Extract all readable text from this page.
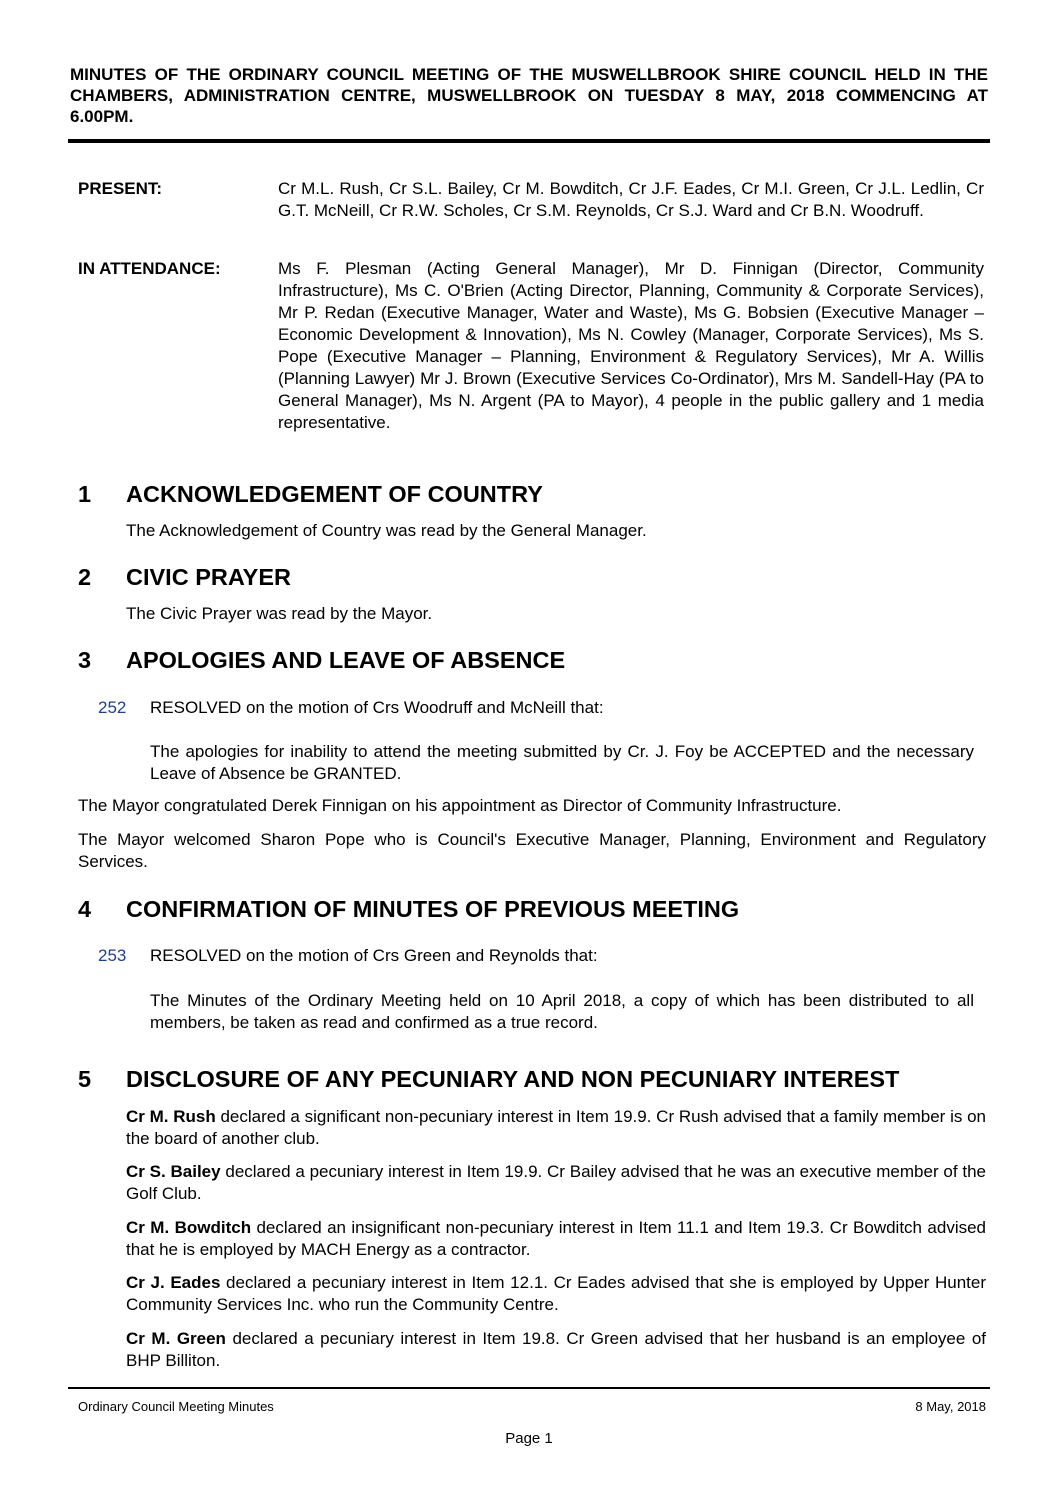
MINUTES OF THE ORDINARY COUNCIL MEETING OF THE MUSWELLBROOK SHIRE COUNCIL HELD IN THE CHAMBERS, ADMINISTRATION CENTRE, MUSWELLBROOK ON TUESDAY 8 MAY, 2018 COMMENCING AT 6.00PM.
PRESENT:	Cr M.L. Rush, Cr S.L. Bailey, Cr M. Bowditch, Cr J.F. Eades, Cr M.I. Green, Cr J.L. Ledlin, Cr G.T. McNeill, Cr R.W. Scholes, Cr S.M. Reynolds, Cr S.J. Ward and Cr B.N. Woodruff.
IN ATTENDANCE:	Ms F. Plesman (Acting General Manager), Mr D. Finnigan (Director, Community Infrastructure), Ms C. O'Brien (Acting Director, Planning, Community & Corporate Services), Mr P. Redan (Executive Manager, Water and Waste), Ms G. Bobsien (Executive Manager – Economic Development & Innovation), Ms N. Cowley (Manager, Corporate Services), Ms S. Pope (Executive Manager – Planning, Environment & Regulatory Services), Mr A. Willis (Planning Lawyer) Mr J. Brown (Executive Services Co-Ordinator), Mrs M. Sandell-Hay (PA to General Manager), Ms N. Argent (PA to Mayor), 4 people in the public gallery and 1 media representative.
1 ACKNOWLEDGEMENT OF COUNTRY
The Acknowledgement of Country was read by the General Manager.
2 CIVIC PRAYER
The Civic Prayer was read by the Mayor.
3 APOLOGIES AND LEAVE OF ABSENCE
252 RESOLVED on the motion of Crs Woodruff and McNeill that:
The apologies for inability to attend the meeting submitted by Cr. J. Foy be ACCEPTED and the necessary Leave of Absence be GRANTED.
The Mayor congratulated Derek Finnigan on his appointment as Director of Community Infrastructure.
The Mayor welcomed Sharon Pope who is Council's Executive Manager, Planning, Environment and Regulatory Services.
4 CONFIRMATION OF MINUTES OF PREVIOUS MEETING
253 RESOLVED on the motion of Crs Green and Reynolds that:
The Minutes of the Ordinary Meeting held on 10 April 2018, a copy of which has been distributed to all members, be taken as read and confirmed as a true record.
5 DISCLOSURE OF ANY PECUNIARY AND NON PECUNIARY INTEREST
Cr M. Rush declared a significant non-pecuniary interest in Item 19.9. Cr Rush advised that a family member is on the board of another club.
Cr S. Bailey declared a pecuniary interest in Item 19.9. Cr Bailey advised that he was an executive member of the Golf Club.
Cr M. Bowditch declared an insignificant non-pecuniary interest in Item 11.1 and Item 19.3. Cr Bowditch advised that he is employed by MACH Energy as a contractor.
Cr J. Eades declared a pecuniary interest in Item 12.1. Cr Eades advised that she is employed by Upper Hunter Community Services Inc. who run the Community Centre.
Cr M. Green declared a pecuniary interest in Item 19.8. Cr Green advised that her husband is an employee of BHP Billiton.
Ordinary Council Meeting Minutes	8 May, 2018
Page 1
